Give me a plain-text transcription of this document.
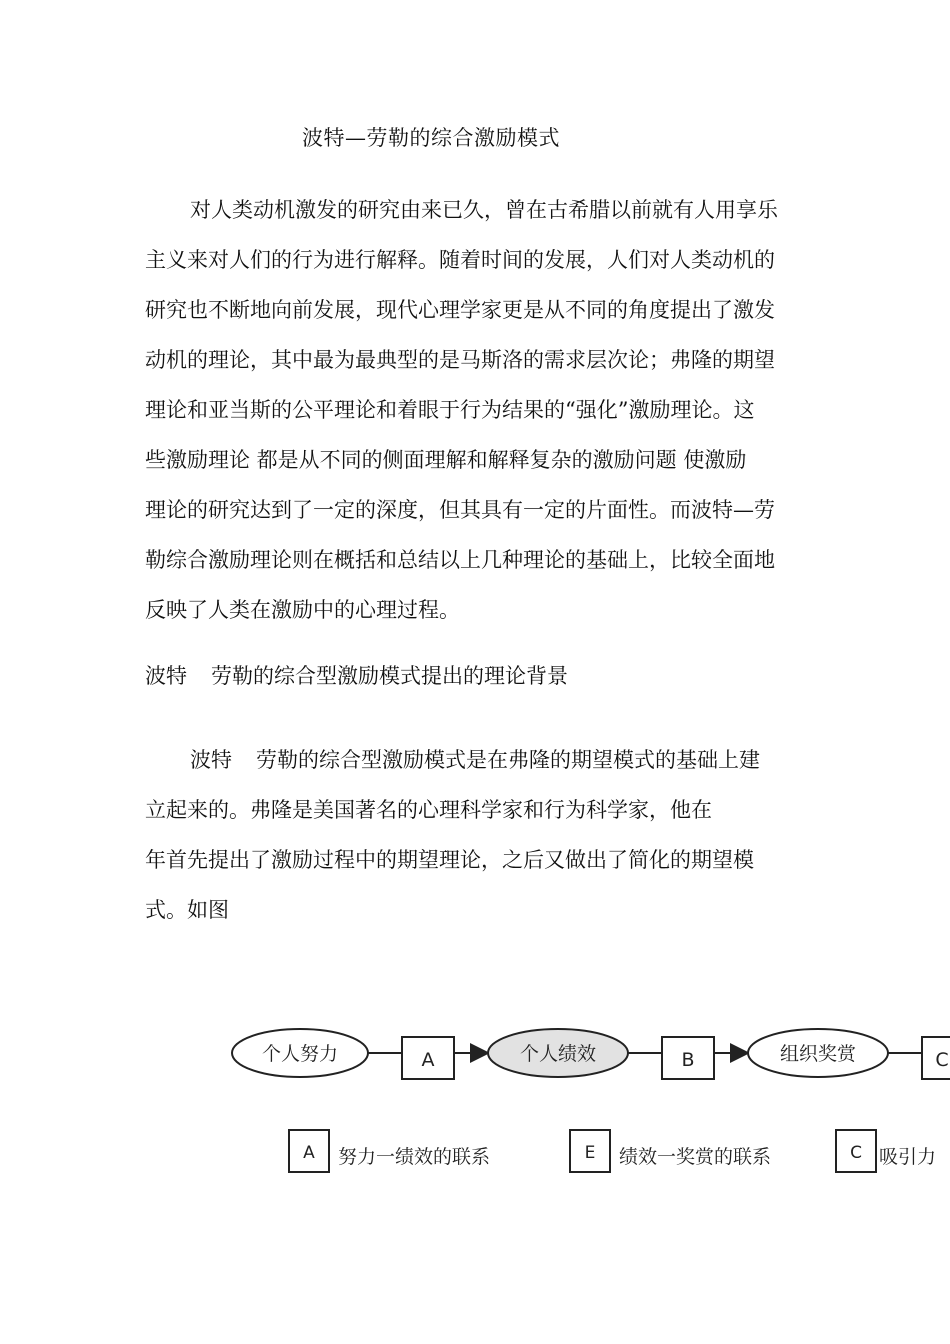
波特—劳勒的综合激励模式
对人类动机激发的研究由来已久，曾在古希腊以前就有人用享乐
主义来对人们的行为进行解释。随着时间的发展，人们对人类动机的
研究也不断地向前发展，现代心理学家更是从不同的角度提出了激发
动机的理论，其中最为最典型的是马斯洛的需求层次论；弗隆的期望
理论和亚当斯的公平理论和着眼于行为结果的“强化”激励理论。这
些激励理论 都是从不同的侧面理解和解释复杂的激励问题 使激励
理论的研究达到了一定的深度，但其具有一定的片面性。而波特—劳
勒综合激励理论则在概括和总结以上几种理论的基础上，比较全面地
反映了人类在激励中的心理过程。
波特 劳勒的综合型激励模式提出的理论背景
波特 劳勒的综合型激励模式是在弗隆的期望模式的基础上建
立起来的。弗隆是美国著名的心理科学家和行为科学家，他在
年首先提出了激励过程中的期望理论，之后又做出了简化的期望模
式。如图
个人努力	A	个人绩效	B	组织奖赏	C
A 努力一绩效的联系	E 绩效一奖赏的联系	C 吸引力
